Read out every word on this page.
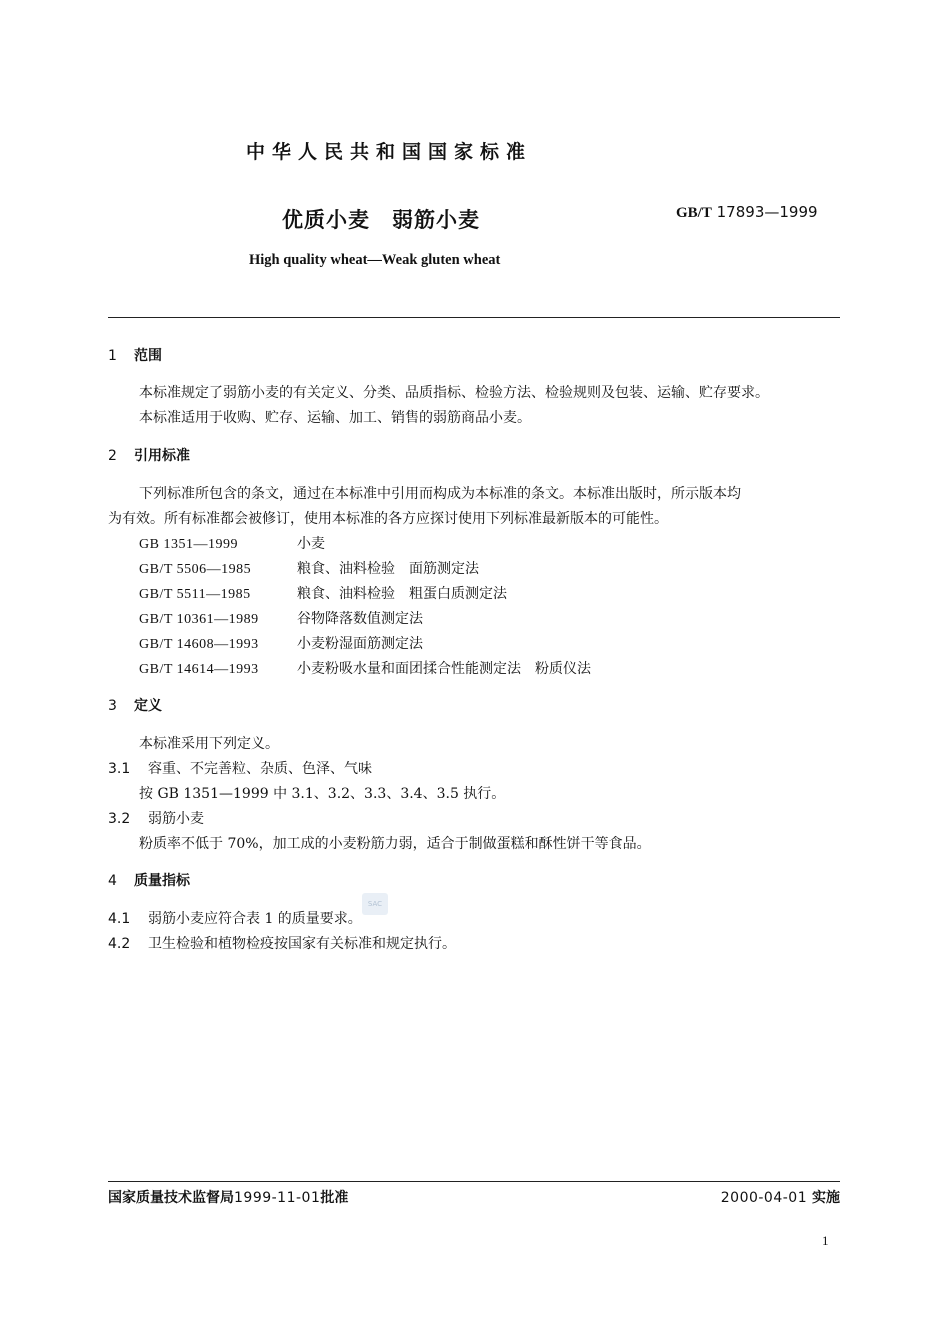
中华人民共和国国家标准
优质小麦 弱筋小麦	GB/T 17893—1999
High quality wheat—Weak gluten wheat
1 范围
本标准规定了弱筋小麦的有关定义、分类、品质指标、检验方法、检验规则及包装、运输、贮存要求。
本标准适用于收购、贮存、运输、加工、销售的弱筋商品小麦。
2 引用标准
下列标准所包含的条文，通过在本标准中引用而构成为本标准的条文。本标准出版时，所示版本均
为有效。所有标准都会被修订，使用本标准的各方应探讨使用下列标准最新版本的可能性。
GB 1351—1999	小麦
GB/T 5506—1985	粮食、油料检验　面筋测定法
GB/T 5511—1985	粮食、油料检验　粗蛋白质测定法
GB/T 10361—1989	谷物降落数值测定法
GB/T 14608—1993	小麦粉湿面筋测定法
GB/T 14614—1993	小麦粉吸水量和面团揉合性能测定法　粉质仪法
3 定义
本标准采用下列定义。
3.1 容重、不完善粒、杂质、色泽、气味
按 GB 1351—1999 中 3.1、3.2、3.3、3.4、3.5 执行。
3.2 弱筋小麦
粉质率不低于 70%，加工成的小麦粉筋力弱，适合于制做蛋糕和酥性饼干等食品。
4 质量指标
4.1 弱筋小麦应符合表 1 的质量要求。
4.2 卫生检验和植物检疫按国家有关标准和规定执行。
SAC
国家质量技术监督局1999-11-01批准	2000-04-01 实施
1
